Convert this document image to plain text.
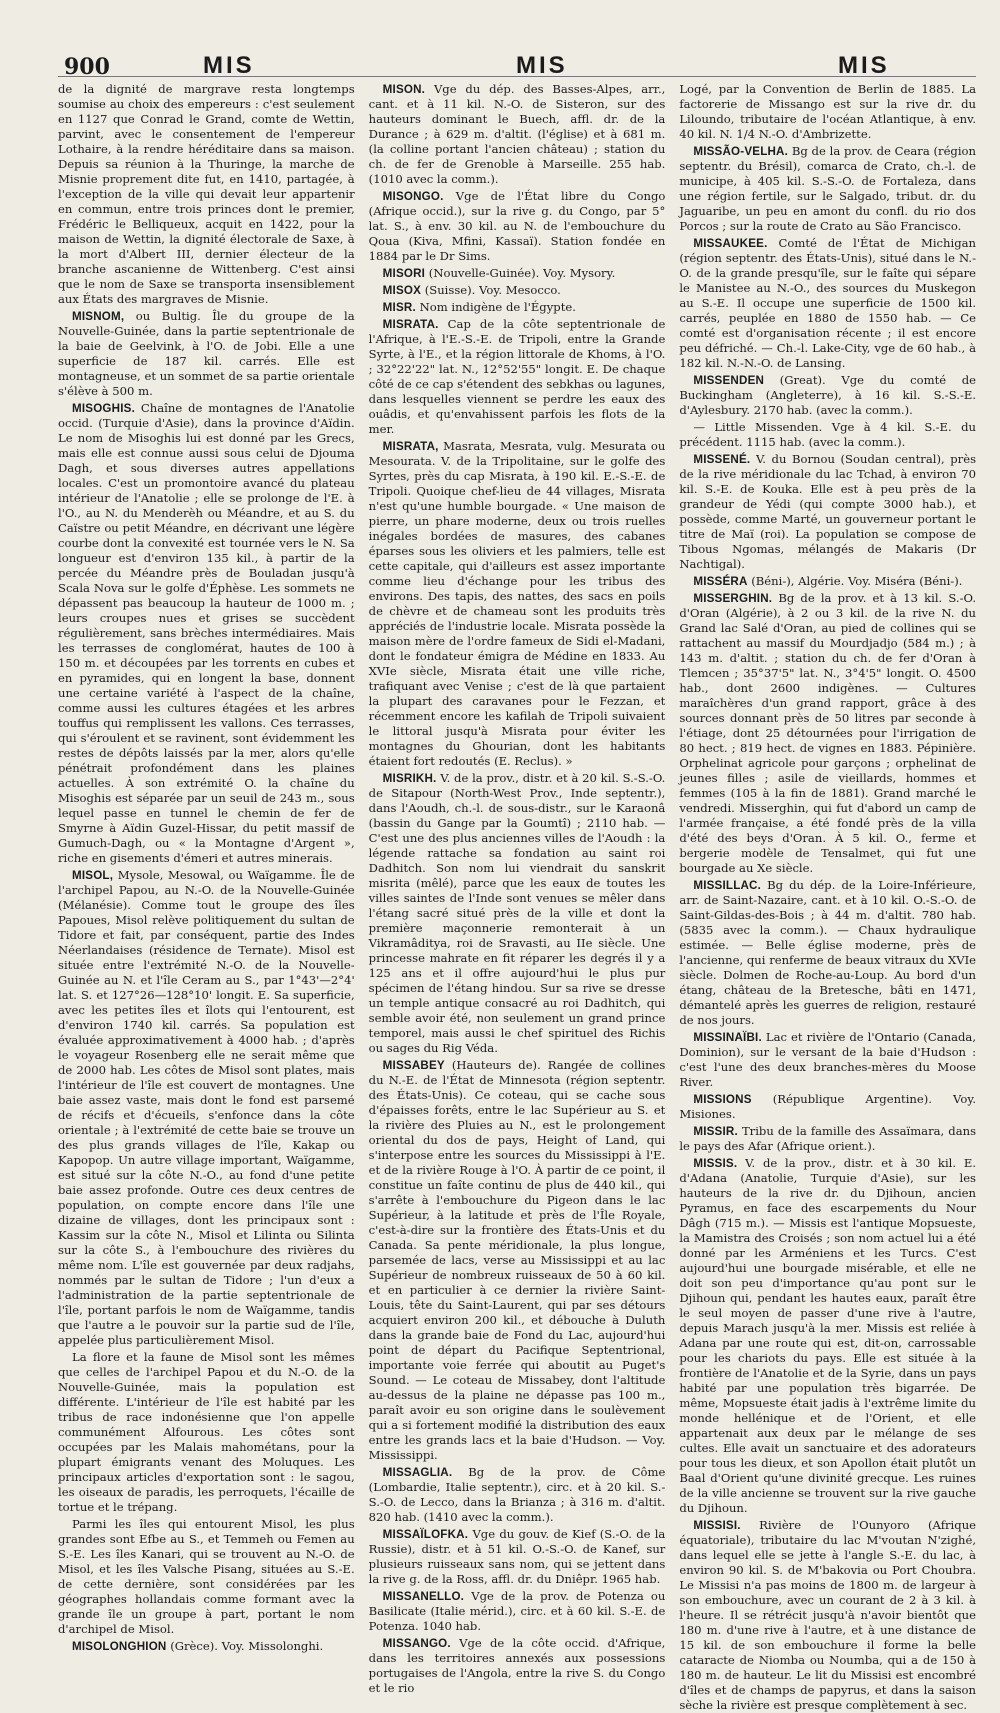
900	MIS	MIS	MIS

de la dignité de margrave resta longtemps soumise au choix des empereurs : c'est seulement en 1127 que Conrad le Grand, comte de Wettin, parvint, avec le consentement de l'empereur Lothaire, à la rendre héréditaire dans sa maison. Depuis sa réunion à la Thuringe, la marche de Misnie proprement dite fut, en 1410, partagée, à l'exception de la ville qui devait leur appartenir en commun, entre trois princes dont le premier, Frédéric le Belliqueux, acquit en 1422, pour la maison de Wettin, la dignité électorale de Saxe, à la mort d'Albert III, dernier électeur de la branche ascanienne de Wittenberg. C'est ainsi que le nom de Saxe se transporta insensiblement aux États des margraves de Misnie.

MISNOM, ou Bultig. Île du groupe de la Nouvelle-Guinée, dans la partie septentrionale de la baie de Geelvink, à l'O. de Jobi. Elle a une superficie de 187 kil. carrés. Elle est montagneuse, et un sommet de sa partie orientale s'élève à 500 m.

MISOGHIS. Chaîne de montagnes de l'Anatolie occid. (Turquie d'Asie), dans la province d'Aïdin. Le nom de Misoghis lui est donné par les Grecs, mais elle est connue aussi sous celui de Djouma Dagh, et sous diverses autres appellations locales. C'est un promontoire avancé du plateau intérieur de l'Anatolie ; elle se prolonge de l'E. à l'O., au N. du Menderèh ou Méandre, et au S. du Caïstre ou petit Méandre, en décrivant une légère courbe dont la convexité est tournée vers le N. Sa longueur est d'environ 135 kil., à partir de la percée du Méandre près de Bouladan jusqu'à Scala Nova sur le golfe d'Éphèse. Les sommets ne dépassent pas beaucoup la hauteur de 1000 m. ; leurs croupes nues et grises se succèdent régulièrement, sans brèches intermédiaires. Mais les terrasses de conglomérat, hautes de 100 à 150 m. et découpées par les torrents en cubes et en pyramides, qui en longent la base, donnent une certaine variété à l'aspect de la chaîne, comme aussi les cultures étagées et les arbres touffus qui remplissent les vallons. Ces terrasses, qui s'éroulent et se ravinent, sont évidemment les restes de dépôts laissés par la mer, alors qu'elle pénétrait profondément dans les plaines actuelles. À son extrémité O. la chaîne du Misoghis est séparée par un seuil de 243 m., sous lequel passe en tunnel le chemin de fer de Smyrne à Aïdin Guzel-Hissar, du petit massif de Gumuch-Dagh, ou « la Montagne d'Argent », riche en gisements d'émeri et autres minerais.

MISOL, Mysole, Mesowal, ou Waïgamme. Île de l'archipel Papou, au N.-O. de la Nouvelle-Guinée (Mélanésie). Comme tout le groupe des îles Papoues, Misol relève politiquement du sultan de Tidore et fait, par conséquent, partie des Indes Néerlandaises (résidence de Ternate). Misol est située entre l'extrémité N.-O. de la Nouvelle-Guinée au N. et l'île Ceram au S., par 1°43'—2°4' lat. S. et 127°26—128°10' longit. E. Sa superficie, avec les petites îles et îlots qui l'entourent, est d'environ 1740 kil. carrés. Sa population est évaluée approximativement à 4000 hab. ; d'après le voyageur Rosenberg elle ne serait même que de 2000 hab. Les côtes de Misol sont plates, mais l'intérieur de l'île est couvert de montagnes. Une baie assez vaste, mais dont le fond est parsemé de récifs et d'écueils, s'enfonce dans la côte orientale ; à l'extrémité de cette baie se trouve un des plus grands villages de l'île, Kakap ou Kapopop. Un autre village important, Waïgamme, est situé sur la côte N.-O., au fond d'une petite baie assez profonde. Outre ces deux centres de population, on compte encore dans l'île une dizaine de villages, dont les principaux sont : Kassim sur la côte N., Misol et Lilinta ou Silinta sur la côte S., à l'embouchure des rivières du même nom. L'île est gouvernée par deux radjahs, nommés par le sultan de Tidore ; l'un d'eux a l'administration de la partie septentrionale de l'île, portant parfois le nom de Waïgamme, tandis que l'autre a le pouvoir sur la partie sud de l'île, appelée plus particulièrement Misol.

La flore et la faune de Misol sont les mêmes que celles de l'archipel Papou et du N.-O. de la Nouvelle-Guinée, mais la population est différente. L'intérieur de l'île est habité par les tribus de race indonésienne que l'on appelle communément Alfourous. Les côtes sont occupées par les Malais mahométans, pour la plupart émigrants venant des Moluques. Les principaux articles d'exportation sont : le sagou, les oiseaux de paradis, les perroquets, l'écaille de tortue et le trépang.

Parmi les îles qui entourent Misol, les plus grandes sont Efbe au S., et Temmeh ou Femen au S.-E. Les îles Kanari, qui se trouvent au N.-O. de Misol, et les îles Valsche Pisang, situées au S.-E. de cette dernière, sont considérées par les géographes hollandais comme formant avec la grande île un groupe à part, portant le nom d'archipel de Misol.

MISOLONGHION (Grèce). Voy. Missolonghi.

MISON. Vge du dép. des Basses-Alpes, arr., cant. et à 11 kil. N.-O. de Sisteron, sur des hauteurs dominant le Buech, affl. dr. de la Durance ; à 629 m. d'altit. (l'église) et à 681 m. (la colline portant l'ancien château) ; station du ch. de fer de Grenoble à Marseille. 255 hab. (1010 avec la comm.).

MISONGO. Vge de l'État libre du Congo (Afrique occid.), sur la rive g. du Congo, par 5° lat. S., à env. 30 kil. au N. de l'embouchure du Qoua (Kiva, Mfini, Kassaï). Station fondée en 1884 par le Dr Sims.

MISORI (Nouvelle-Guinée). Voy. Mysory.

MISOX (Suisse). Voy. Mesocco.

MISR. Nom indigène de l'Égypte.

MISRATA. Cap de la côte septentrionale de l'Afrique, à l'E.-S.-E. de Tripoli, entre la Grande Syrte, à l'E., et la région littorale de Khoms, à l'O. ; 32°22'22" lat. N., 12°52'55" longit. E. De chaque côté de ce cap s'étendent des sebkhas ou lagunes, dans lesquelles viennent se perdre les eaux des ouâdis, et qu'envahissent parfois les flots de la mer.

MISRATA, Masrata, Mesrata, vulg. Mesurata ou Mesourata. V. de la Tripolitaine, sur le golfe des Syrtes, près du cap Misrata, à 190 kil. E.-S.-E. de Tripoli. Quoique chef-lieu de 44 villages, Misrata n'est qu'une humble bourgade. « Une maison de pierre, un phare moderne, deux ou trois ruelles inégales bordées de masures, des cabanes éparses sous les oliviers et les palmiers, telle est cette capitale, qui d'ailleurs est assez importante comme lieu d'échange pour les tribus des environs. Des tapis, des nattes, des sacs en poils de chèvre et de chameau sont les produits très appréciés de l'industrie locale. Misrata possède la maison mère de l'ordre fameux de Sidi el-Madani, dont le fondateur émigra de Médine en 1833. Au XVIe siècle, Misrata était une ville riche, trafiquant avec Venise ; c'est de là que partaient la plupart des caravanes pour le Fezzan, et récemment encore les kafilah de Tripoli suivaient le littoral jusqu'à Misrata pour éviter les montagnes du Ghourian, dont les habitants étaient fort redoutés (E. Reclus). »

MISRIKH. V. de la prov., distr. et à 20 kil. S.-S.-O. de Sitapour (North-West Prov., Inde septentr.), dans l'Aoudh, ch.-l. de sous-distr., sur le Karaonâ (bassin du Gange par la Goumtî) ; 2110 hab. — C'est une des plus anciennes villes de l'Aoudh : la légende rattache sa fondation au saint roi Dadhitch. Son nom lui viendrait du sanskrit misrita (mêlé), parce que les eaux de toutes les villes saintes de l'Inde sont venues se mêler dans l'étang sacré situé près de la ville et dont la première maçonnerie remonterait à un Vikramâditya, roi de Sravasti, au IIe siècle. Une princesse mahrate en fit réparer les degrés il y a 125 ans et il offre aujourd'hui le plus pur spécimen de l'étang hindou. Sur sa rive se dresse un temple antique consacré au roi Dadhitch, qui semble avoir été, non seulement un grand prince temporel, mais aussi le chef spirituel des Richis ou sages du Rig Véda.

MISSABEY (Hauteurs de). Rangée de collines du N.-E. de l'État de Minnesota (région septentr. des États-Unis). Ce coteau, qui se cache sous d'épaisses forêts, entre le lac Supérieur au S. et la rivière des Pluies au N., est le prolongement oriental du dos de pays, Height of Land, qui s'interpose entre les sources du Mississippi à l'E. et de la rivière Rouge à l'O. À partir de ce point, il constitue un faîte continu de plus de 440 kil., qui s'arrête à l'embouchure du Pigeon dans le lac Supérieur, à la latitude et près de l'Île Royale, c'est-à-dire sur la frontière des États-Unis et du Canada. Sa pente méridionale, la plus longue, parsemée de lacs, verse au Mississippi et au lac Supérieur de nombreux ruisseaux de 50 à 60 kil. et en particulier à ce dernier la rivière Saint-Louis, tête du Saint-Laurent, qui par ses détours acquiert environ 200 kil., et débouche à Duluth dans la grande baie de Fond du Lac, aujourd'hui point de départ du Pacifique Septentrional, importante voie ferrée qui aboutit au Puget's Sound. — Le coteau de Missabey, dont l'altitude au-dessus de la plaine ne dépasse pas 100 m., paraît avoir eu son origine dans le soulèvement qui a si fortement modifié la distribution des eaux entre les grands lacs et la baie d'Hudson. — Voy. Mississippi.

MISSAGLIA. Bg de la prov. de Côme (Lombardie, Italie septentr.), circ. et à 20 kil. S.-S.-O. de Lecco, dans la Brianza ; à 316 m. d'altit. 820 hab. (1410 avec la comm.).

MISSAÏLOFKA. Vge du gouv. de Kief (S.-O. de la Russie), distr. et à 51 kil. O.-S.-O. de Kanef, sur plusieurs ruisseaux sans nom, qui se jettent dans la rive g. de la Ross, affl. dr. du Dniêpr. 1965 hab.

MISSANELLO. Vge de la prov. de Potenza ou Basilicate (Italie mérid.), circ. et à 60 kil. S.-E. de Potenza. 1040 hab.

MISSANGO. Vge de la côte occid. d'Afrique, dans les territoires annexés aux possessions portugaises de l'Angola, entre la rive S. du Congo et le rio

Logé, par la Convention de Berlin de 1885. La factorerie de Missango est sur la rive dr. du Liloundo, tributaire de l'océan Atlantique, à env. 40 kil. N. 1/4 N.-O. d'Ambrizette.

MISSÃO-VELHA. Bg de la prov. de Ceara (région septentr. du Brésil), comarca de Crato, ch.-l. de municipe, à 405 kil. S.-S.-O. de Fortaleza, dans une région fertile, sur le Salgado, tribut. dr. du Jaguaribe, un peu en amont du confl. du rio dos Porcos ; sur la route de Crato au São Francisco.

MISSAUKEE. Comté de l'État de Michigan (région septentr. des États-Unis), situé dans le N.-O. de la grande presqu'île, sur le faîte qui sépare le Manistee au N.-O., des sources du Muskegon au S.-E. Il occupe une superficie de 1500 kil. carrés, peuplée en 1880 de 1550 hab. — Ce comté est d'organisation récente ; il est encore peu défriché. — Ch.-l. Lake-City, vge de 60 hab., à 182 kil. N.-N.-O. de Lansing.

MISSENDEN (Great). Vge du comté de Buckingham (Angleterre), à 16 kil. S.-S.-E. d'Aylesbury. 2170 hab. (avec la comm.).

— Little Missenden. Vge à 4 kil. S.-E. du précédent. 1115 hab. (avec la comm.).

MISSENÉ. V. du Bornou (Soudan central), près de la rive méridionale du lac Tchad, à environ 70 kil. S.-E. de Kouka. Elle est à peu près de la grandeur de Yédi (qui compte 3000 hab.), et possède, comme Marté, un gouverneur portant le titre de Maï (roi). La population se compose de Tibous Ngomas, mélangés de Makaris (Dr Nachtigal).

MISSÉRA (Béni-), Algérie. Voy. Miséra (Béni-).

MISSERGHIN. Bg de la prov. et à 13 kil. S.-O. d'Oran (Algérie), à 2 ou 3 kil. de la rive N. du Grand lac Salé d'Oran, au pied de collines qui se rattachent au massif du Mourdjadjo (584 m.) ; à 143 m. d'altit. ; station du ch. de fer d'Oran à Tlemcen ; 35°37'5" lat. N., 3°4'5" longit. O. 4500 hab., dont 2600 indigènes. — Cultures maraîchères d'un grand rapport, grâce à des sources donnant près de 50 litres par seconde à l'étiage, dont 25 détournées pour l'irrigation de 80 hect. ; 819 hect. de vignes en 1883. Pépinière. Orphelinat agricole pour garçons ; orphelinat de jeunes filles ; asile de vieillards, hommes et femmes (105 à la fin de 1881). Grand marché le vendredi. Misserghin, qui fut d'abord un camp de l'armée française, a été fondé près de la villa d'été des beys d'Oran. À 5 kil. O., ferme et bergerie modèle de Tensalmet, qui fut une bourgade au Xe siècle.

MISSILLAC. Bg du dép. de la Loire-Inférieure, arr. de Saint-Nazaire, cant. et à 10 kil. O.-S.-O. de Saint-Gildas-des-Bois ; à 44 m. d'altit. 780 hab. (5835 avec la comm.). — Chaux hydraulique estimée. — Belle église moderne, près de l'ancienne, qui renferme de beaux vitraux du XVIe siècle. Dolmen de Roche-au-Loup. Au bord d'un étang, château de la Bretesche, bâti en 1471, démantelé après les guerres de religion, restauré de nos jours.

MISSINAÏBI. Lac et rivière de l'Ontario (Canada, Dominion), sur le versant de la baie d'Hudson : c'est l'une des deux branches-mères du Moose River.

MISSIONS (République Argentine). Voy. Misiones.

MISSIR. Tribu de la famille des Assaïmara, dans le pays des Afar (Afrique orient.).

MISSIS. V. de la prov., distr. et à 30 kil. E. d'Adana (Anatolie, Turquie d'Asie), sur les hauteurs de la rive dr. du Djihoun, ancien Pyramus, en face des escarpements du Nour Dâgh (715 m.). — Missis est l'antique Mopsueste, la Mamistra des Croisés ; son nom actuel lui a été donné par les Arméniens et les Turcs. C'est aujourd'hui une bourgade misérable, et elle ne doit son peu d'importance qu'au pont sur le Djihoun qui, pendant les hautes eaux, paraît être le seul moyen de passer d'une rive à l'autre, depuis Marach jusqu'à la mer. Missis est reliée à Adana par une route qui est, dit-on, carrossable pour les chariots du pays. Elle est située à la frontière de l'Anatolie et de la Syrie, dans un pays habité par une population très bigarrée. De même, Mopsueste était jadis à l'extrême limite du monde hellénique et de l'Orient, et elle appartenait aux deux par le mélange de ses cultes. Elle avait un sanctuaire et des adorateurs pour tous les dieux, et son Apollon était plutôt un Baal d'Orient qu'une divinité grecque. Les ruines de la ville ancienne se trouvent sur la rive gauche du Djihoun.

MISSISI. Rivière de l'Ounyoro (Afrique équatoriale), tributaire du lac M'voutan N'zighé, dans lequel elle se jette à l'angle S.-E. du lac, à environ 90 kil. S. de M'bakovia ou Port Choubra. Le Missisi n'a pas moins de 1800 m. de largeur à son embouchure, avec un courant de 2 à 3 kil. à l'heure. Il se rétrécit jusqu'à n'avoir bientôt que 180 m. d'une rive à l'autre, et à une distance de 15 kil. de son embouchure il forme la belle cataracte de Niomba ou Noumba, qui a de 150 à 180 m. de hauteur. Le lit du Missisi est encombré d'îles et de champs de papyrus, et dans la saison sèche la rivière est presque complètement à sec.
